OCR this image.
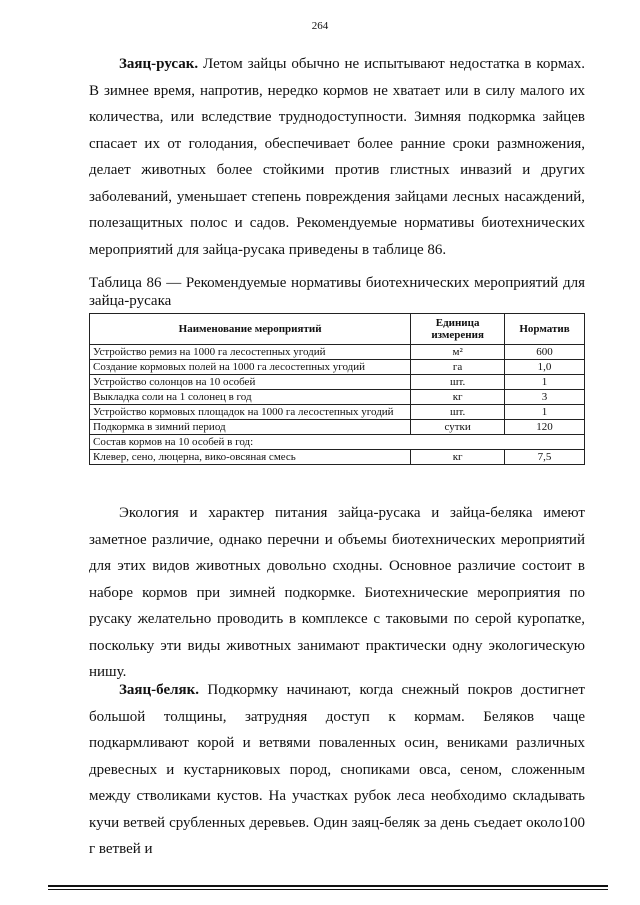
264

Заяц-русак. Летом зайцы обычно не испытывают недостатка в кормах. В зимнее время, напротив, нередко кормов не хватает или в силу малого их количества, или вследствие труднодоступности. Зимняя подкормка зайцев спасает их от голодания, обеспечивает более ранние сроки размножения, делает животных более стойкими против глистных инвазий и других заболеваний, уменьшает степень повреждения зайцами лесных насаждений, полезащитных полос и садов. Рекомендуемые нормативы биотехнических мероприятий для зайца-русака приведены в таблице 86.

Таблица 86 — Рекомендуемые нормативы биотехнических мероприятий для зайца-русака

Наименование мероприятий	Единица измерения	Норматив
Устройство ремиз на 1000 га лесостепных угодий	м²	600
Создание кормовых полей на 1000 га лесостепных угодий	га	1,0
Устройство солонцов на 10 особей	шт.	1
Выкладка соли на 1 солонец в год	кг	3
Устройство кормовых площадок на 1000 га лесостепных угодий	шт.	1
Подкормка в зимний период	сутки	120
Состав кормов на 10 особей в год:		
Клевер, сено, люцерна, вико-овсяная смесь	кг	7,5

Экология и характер питания зайца-русака и зайца-беляка имеют заметное различие, однако перечни и объемы биотехнических мероприятий для этих видов животных довольно сходны. Основное различие состоит в наборе кормов при зимней подкормке. Биотехнические мероприятия по русаку желательно проводить в комплексе с таковыми по серой куропатке, поскольку эти виды животных занимают практически одну экологическую нишу.

Заяц-беляк. Подкормку начинают, когда снежный покров достигнет большой толщины, затрудняя доступ к кормам. Беляков чаще подкармливают корой и ветвями поваленных осин, вениками различных древесных и кустарниковых пород, снопиками овса, сеном, сложенным между стволиками кустов. На участках рубок леса необходимо складывать кучи ветвей срубленных деревьев. Один заяц-беляк за день съедает около100 г ветвей и
